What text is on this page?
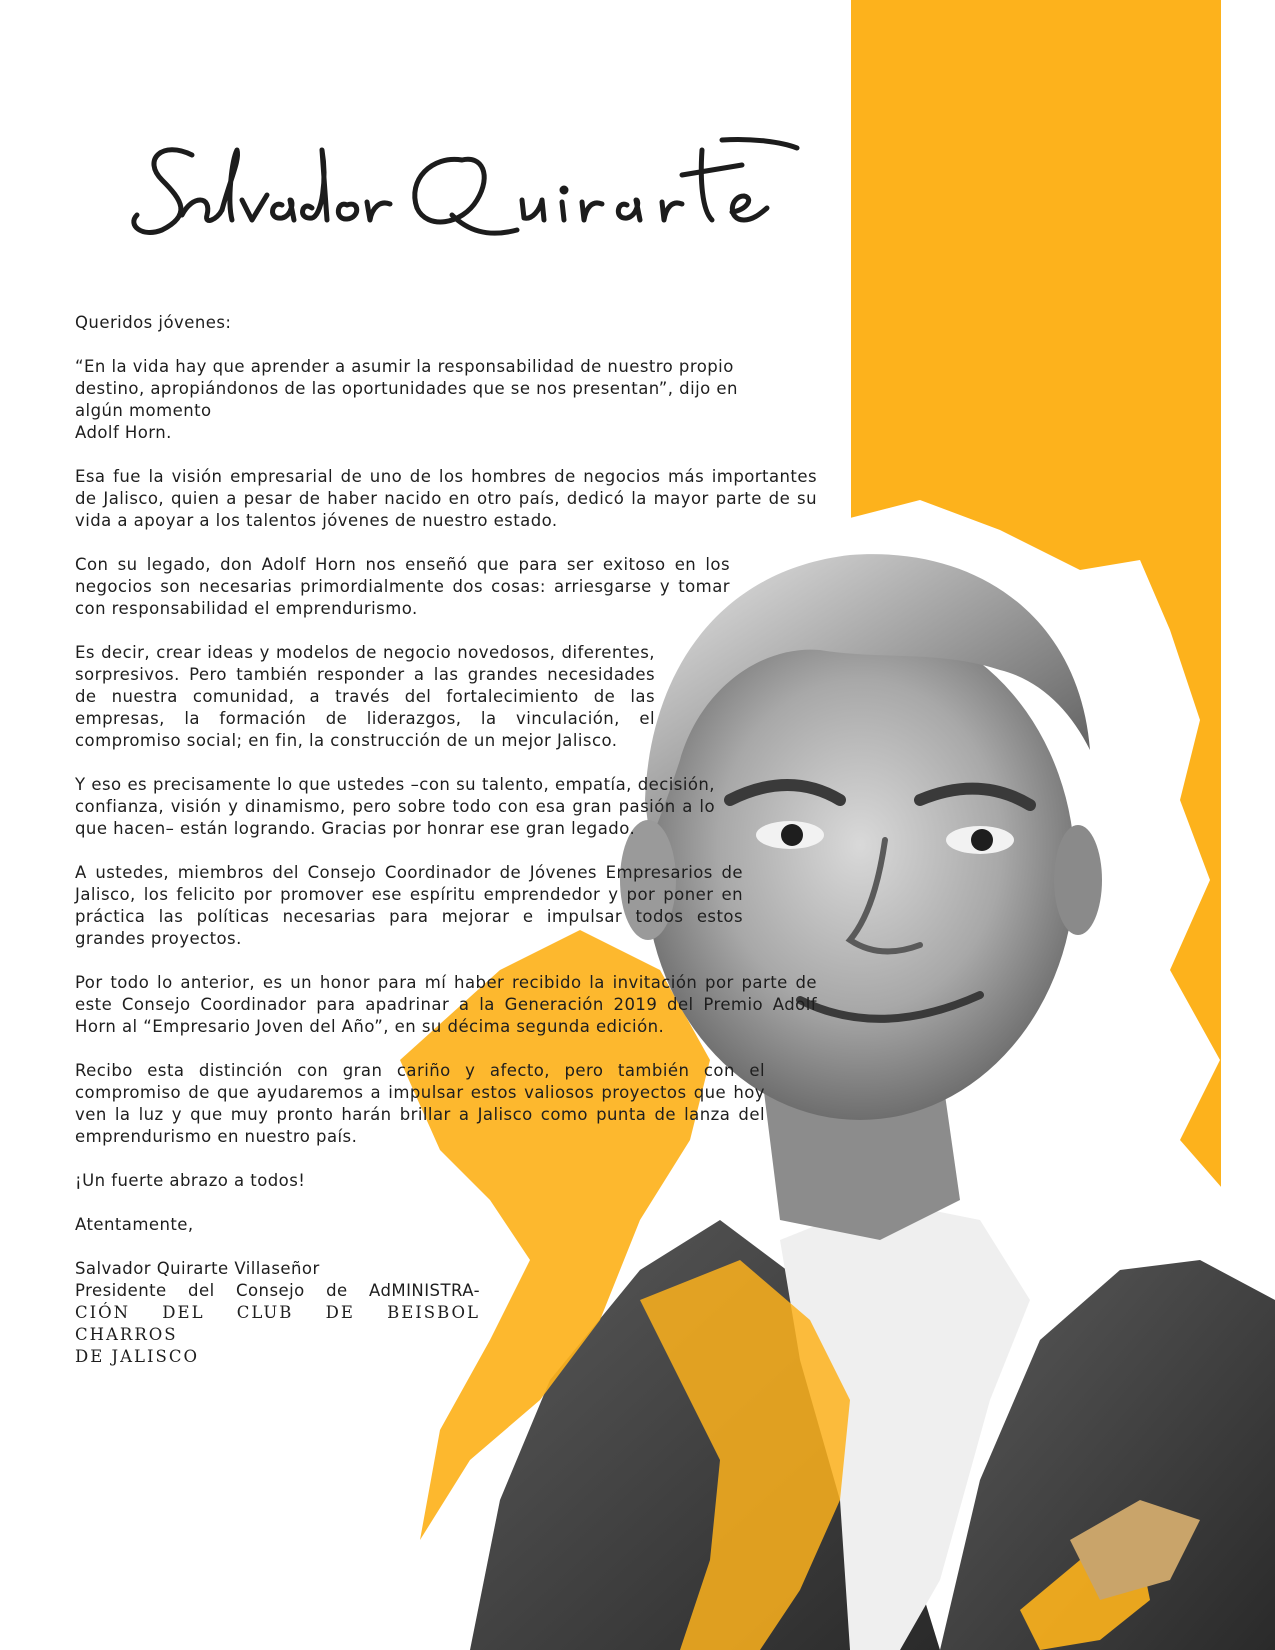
Queridos jóvenes:

“En la vida hay que aprender a asumir la responsabilidad de nuestro propio
destino, apropiándonos de las oportunidades que se nos presentan”, dijo en
algún momento
Adolf Horn.

Esa fue la visión empresarial de uno de los hombres de negocios más importantes de Jalisco, quien a pesar de haber nacido en otro país, dedicó la mayor parte de su vida a apoyar a los talentos jóvenes de nuestro estado.

Con su legado, don Adolf Horn nos enseñó que para ser exitoso en los negocios son necesarias primordialmente dos cosas: arriesgarse y tomar con responsabilidad el emprendurismo.

Es decir, crear ideas y modelos de negocio novedosos, diferentes, sorpresivos. Pero también responder a las grandes necesidades de nuestra comunidad, a través del fortalecimiento de las empresas, la formación de liderazgos, la vinculación, el compromiso social; en fin, la construcción de un mejor Jalisco.

Y eso es precisamente lo que ustedes –con su talento, empatía, decisión, confianza, visión y dinamismo, pero sobre todo con esa gran pasión a lo que hacen– están logrando. Gracias por honrar ese gran legado.

A ustedes, miembros del Consejo Coordinador de Jóvenes Empresarios de Jalisco, los felicito por promover ese espíritu emprendedor y por poner en práctica las políticas necesarias para mejorar e impulsar todos estos grandes proyectos.

Por todo lo anterior, es un honor para mí haber recibido la invitación por parte de este Consejo Coordinador para apadrinar a la Generación 2019 del Premio Adolf Horn al “Empresario Joven del Año”, en su décima segunda edición.

Recibo esta distinción con gran cariño y afecto, pero también con el compromiso de que ayudaremos a impulsar estos valiosos proyectos que hoy ven la luz y que muy pronto harán brillar a Jalisco como punta de lanza del emprendurismo en nuestro país.

¡Un fuerte abrazo a todos!

Atentamente,

Salvador Quirarte Villaseñor
Presidente del Consejo de AdMINISTRA-
CIÓN DEL CLUB DE BEISBOL CHARROS
DE JALISCO
